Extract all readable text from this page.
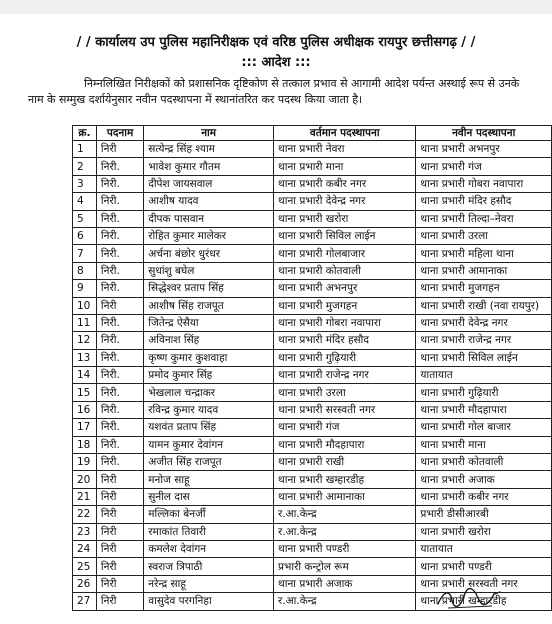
/ / कार्यालय उप पुलिस महानिरीक्षक एवं वरिष्ठ पुलिस अधीक्षक रायपुर छत्तीसगढ़ / /
::: आदेश :::
निम्नलिखित निरीक्षकों को प्रशासनिक दृष्टिकोण से तत्काल प्रभाव से आगामी आदेश पर्यन्त अस्थाई रूप से उनके नाम के सम्मुख दर्शायेनुसार नवीन पदस्थापना में स्थानांतरित कर पदस्थ किया जाता है।
क्र.	पदनाम	नाम	वर्तमान पदस्थापना	नवीन पदस्थापना
1	निरी	सत्येन्द्र सिंह श्याम	थाना प्रभारी नेवरा	थाना प्रभारी अभनपुर
2	निरी.	भावेश कुमार गौतम	थाना प्रभारी माना	थाना प्रभारी गंज
3	निरी.	दीपेश जायसवाल	थाना प्रभारी कबीर नगर	थाना प्रभारी गोबरा नवापारा
4	निरी.	आशीष यादव	थाना प्रभारी देवेन्द्र नगर	थाना प्रभारी मंदिर हसौद
5	निरी.	दीपक पासवान	थाना प्रभारी खरोरा	थाना प्रभारी तिल्दा–नेवरा
6	निरी.	रोहित कुमार मालेकर	थाना प्रभारी सिविल लाईन	थाना प्रभारी उरला
7	निरी.	अर्चना बंछोर धुरंधर	थाना प्रभारी गोलबाजार	थाना प्रभारी महिला थाना
8	निरी.	सुधांशु बघेल	थाना प्रभारी कोतवाली	थाना प्रभारी आमानाका
9	निरी.	सिद्धेश्वर प्रताप सिंह	थाना प्रभारी अभनपुर	थाना प्रभारी मुजगहन
10	निरी	आशीष सिंह राजपूत	थाना प्रभारी मुजगहन	थाना प्रभारी राखी (नवा रायपुर)
11	निरी.	जितेन्द्र ऐसैया	थाना प्रभारी गोबरा नवापारा	थाना प्रभारी देवेन्द्र नगर
12	निरी.	अविनाश सिंह	थाना प्रभारी मंदिर हसौद	थाना प्रभारी राजेन्द्र नगर
13	निरी.	कृष्ण कुमार कुशवाहा	थाना प्रभारी गुढ़ियारी	थाना प्रभारी सिविल लाईन
14	निरी.	प्रमोद कुमार सिंह	थाना प्रभारी राजेन्द्र नगर	यातायात
15	निरी.	भेखलाल चन्द्राकर	थाना प्रभारी उरला	थाना प्रभारी गुढ़ियारी
16	निरी.	रविन्द्र कुमार यादव	थाना प्रभारी सरस्वती नगर	थाना प्रभारी मौदहापारा
17	निरी.	यशवंत प्रताप सिंह	थाना प्रभारी गंज	थाना प्रभारी गोल बाजार
18	निरी.	यामन कुमार देवांगन	थाना प्रभारी मौदहापारा	थाना प्रभारी माना
19	निरी.	अजीत सिंह राजपूत	थाना प्रभारी राखी	थाना प्रभारी कोतवाली
20	निरी	मनोज साहू	थाना प्रभारी खम्हारडीह	थाना प्रभारी अजाक
21	निरी	सुनील दास	थाना प्रभारी आमानाका	थाना प्रभारी कबीर नगर
22	निरी	मल्लिका बेनर्जी	र.आ.केन्द्र	प्रभारी डीसीआरबी
23	निरी	रमाकांत तिवारी	र.आ.केन्द्र	थाना प्रभारी खरोरा
24	निरी	कमलेश देवांगन	थाना प्रभारी पण्डरी	यातायात
25	निरी	स्वराज त्रिपाठी	प्रभारी कन्ट्रोल रूम	थाना प्रभारी पण्डरी
26	निरी	नरेन्द्र साहू	थाना प्रभारी अजाक	थाना प्रभारी सरस्वती नगर
27	निरी	वासुदेव परगनिहा	र.आ.केन्द्र	थाना प्रभारी खम्हारडीह
